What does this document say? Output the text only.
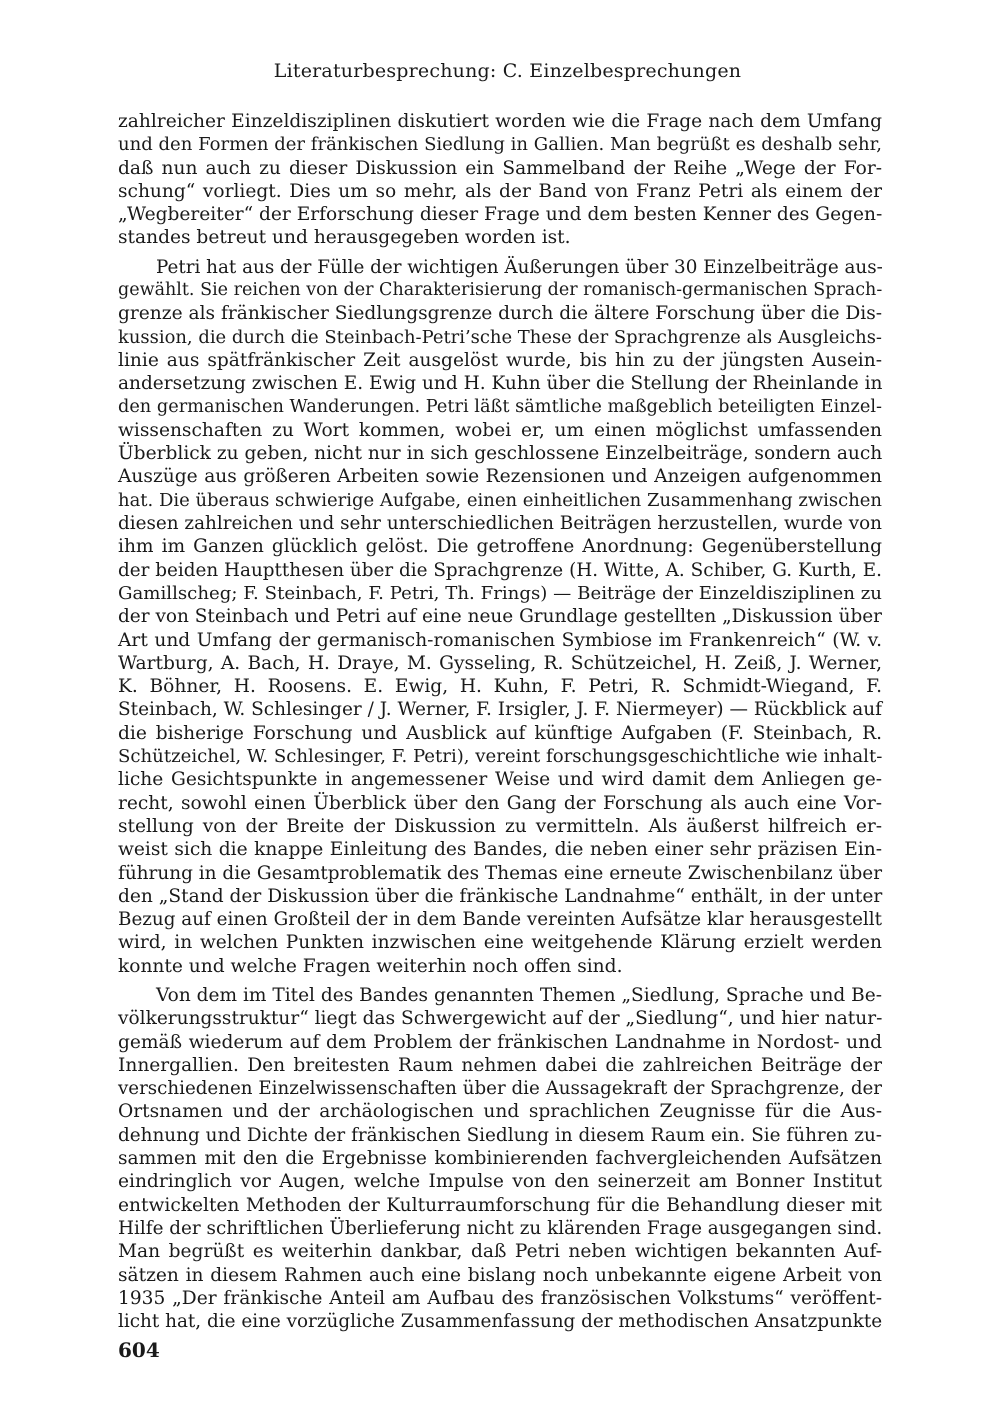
Literaturbesprechung: C. Einzelbesprechungen
zahlreicher Einzeldisziplinen diskutiert worden wie die Frage nach dem Umfang
und den Formen der fränkischen Siedlung in Gallien. Man begrüßt es deshalb sehr,
daß nun auch zu dieser Diskussion ein Sammelband der Reihe „Wege der For-
schung“ vorliegt. Dies um so mehr, als der Band von Franz Petri als einem der
„Wegbereiter“ der Erforschung dieser Frage und dem besten Kenner des Gegen-
standes betreut und herausgegeben worden ist.
Petri hat aus der Fülle der wichtigen Äußerungen über 30 Einzelbeiträge aus-
gewählt. Sie reichen von der Charakterisierung der romanisch-germanischen Sprach-
grenze als fränkischer Siedlungsgrenze durch die ältere Forschung über die Dis-
kussion, die durch die Steinbach-Petri’sche These der Sprachgrenze als Ausgleichs-
linie aus spätfränkischer Zeit ausgelöst wurde, bis hin zu der jüngsten Ausein-
andersetzung zwischen E. Ewig und H. Kuhn über die Stellung der Rheinlande in
den germanischen Wanderungen. Petri läßt sämtliche maßgeblich beteiligten Einzel-
wissenschaften zu Wort kommen, wobei er, um einen möglichst umfassenden
Überblick zu geben, nicht nur in sich geschlossene Einzelbeiträge, sondern auch
Auszüge aus größeren Arbeiten sowie Rezensionen und Anzeigen aufgenommen
hat. Die überaus schwierige Aufgabe, einen einheitlichen Zusammenhang zwischen
diesen zahlreichen und sehr unterschiedlichen Beiträgen herzustellen, wurde von
ihm im Ganzen glücklich gelöst. Die getroffene Anordnung: Gegenüberstellung
der beiden Hauptthesen über die Sprachgrenze (H. Witte, A. Schiber, G. Kurth, E.
Gamillscheg; F. Steinbach, F. Petri, Th. Frings) — Beiträge der Einzeldisziplinen zu
der von Steinbach und Petri auf eine neue Grundlage gestellten „Diskussion über
Art und Umfang der germanisch-romanischen Symbiose im Frankenreich“ (W. v.
Wartburg, A. Bach, H. Draye, M. Gysseling, R. Schützeichel, H. Zeiß, J. Werner,
K. Böhner, H. Roosens. E. Ewig, H. Kuhn, F. Petri, R. Schmidt-Wiegand, F.
Steinbach, W. Schlesinger / J. Werner, F. Irsigler, J. F. Niermeyer) — Rückblick auf
die bisherige Forschung und Ausblick auf künftige Aufgaben (F. Steinbach, R.
Schützeichel, W. Schlesinger, F. Petri), vereint forschungsgeschichtliche wie inhalt-
liche Gesichtspunkte in angemessener Weise und wird damit dem Anliegen ge-
recht, sowohl einen Überblick über den Gang der Forschung als auch eine Vor-
stellung von der Breite der Diskussion zu vermitteln. Als äußerst hilfreich er-
weist sich die knappe Einleitung des Bandes, die neben einer sehr präzisen Ein-
führung in die Gesamtproblematik des Themas eine erneute Zwischenbilanz über
den „Stand der Diskussion über die fränkische Landnahme“ enthält, in der unter
Bezug auf einen Großteil der in dem Bande vereinten Aufsätze klar herausgestellt
wird, in welchen Punkten inzwischen eine weitgehende Klärung erzielt werden
konnte und welche Fragen weiterhin noch offen sind.
Von dem im Titel des Bandes genannten Themen „Siedlung, Sprache und Be-
völkerungsstruktur“ liegt das Schwergewicht auf der „Siedlung“, und hier natur-
gemäß wiederum auf dem Problem der fränkischen Landnahme in Nordost- und
Innergallien. Den breitesten Raum nehmen dabei die zahlreichen Beiträge der
verschiedenen Einzelwissenschaften über die Aussagekraft der Sprachgrenze, der
Ortsnamen und der archäologischen und sprachlichen Zeugnisse für die Aus-
dehnung und Dichte der fränkischen Siedlung in diesem Raum ein. Sie führen zu-
sammen mit den die Ergebnisse kombinierenden fachvergleichenden Aufsätzen
eindringlich vor Augen, welche Impulse von den seinerzeit am Bonner Institut
entwickelten Methoden der Kulturraumforschung für die Behandlung dieser mit
Hilfe der schriftlichen Überlieferung nicht zu klärenden Frage ausgegangen sind.
Man begrüßt es weiterhin dankbar, daß Petri neben wichtigen bekannten Auf-
sätzen in diesem Rahmen auch eine bislang noch unbekannte eigene Arbeit von
1935 „Der fränkische Anteil am Aufbau des französischen Volkstums“ veröffent-
licht hat, die eine vorzügliche Zusammenfassung der methodischen Ansatzpunkte
604
